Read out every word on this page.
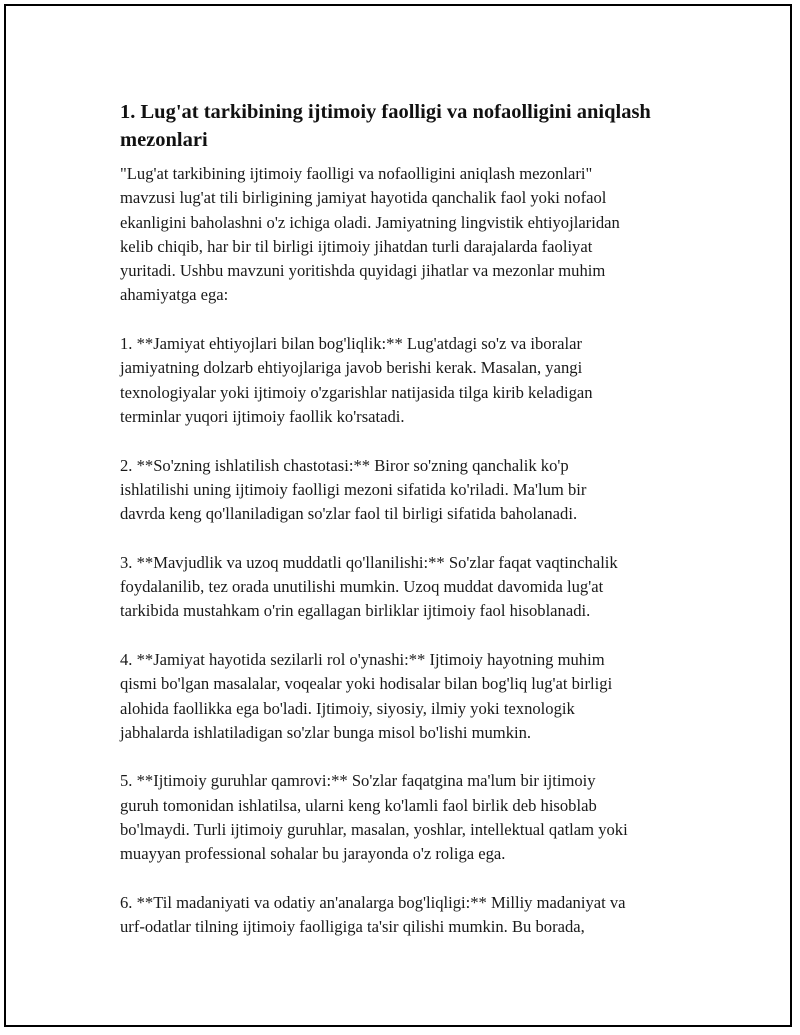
1. Lug'at tarkibining ijtimoiy faolligi va nofaolligini aniqlash mezonlari

"Lug'at tarkibining ijtimoiy faolligi va nofaolligini aniqlash mezonlari"
mavzusi lug'at tili birligining jamiyat hayotida qanchalik faol yoki nofaol
ekanligini baholashni o'z ichiga oladi. Jamiyatning lingvistik ehtiyojlaridan
kelib chiqib, har bir til birligi ijtimoiy jihatdan turli darajalarda faoliyat
yuritadi. Ushbu mavzuni yoritishda quyidagi jihatlar va mezonlar muhim
ahamiyatga ega:

1. **Jamiyat ehtiyojlari bilan bog'liqlik:** Lug'atdagi so'z va iboralar
jamiyatning dolzarb ehtiyojlariga javob berishi kerak. Masalan, yangi
texnologiyalar yoki ijtimoiy o'zgarishlar natijasida tilga kirib keladigan
terminlar yuqori ijtimoiy faollik ko'rsatadi.

2. **So'zning ishlatilish chastotasi:** Biror so'zning qanchalik ko'p
ishlatilishi uning ijtimoiy faolligi mezoni sifatida ko'riladi. Ma'lum bir
davrda keng qo'llaniladigan so'zlar faol til birligi sifatida baholanadi.

3. **Mavjudlik va uzoq muddatli qo'llanilishi:** So'zlar faqat vaqtinchalik
foydalanilib, tez orada unutilishi mumkin. Uzoq muddat davomida lug'at
tarkibida mustahkam o'rin egallagan birliklar ijtimoiy faol hisoblanadi.

4. **Jamiyat hayotida sezilarli rol o'ynashi:** Ijtimoiy hayotning muhim
qismi bo'lgan masalalar, voqealar yoki hodisalar bilan bog'liq lug'at birligi
alohida faollikka ega bo'ladi. Ijtimoiy, siyosiy, ilmiy yoki texnologik
jabhalarda ishlatiladigan so'zlar bunga misol bo'lishi mumkin.

5. **Ijtimoiy guruhlar qamrovi:** So'zlar faqatgina ma'lum bir ijtimoiy
guruh tomonidan ishlatilsa, ularni keng ko'lamli faol birlik deb hisoblab
bo'lmaydi. Turli ijtimoiy guruhlar, masalan, yoshlar, intellektual qatlam yoki
muayyan professional sohalar bu jarayonda o'z roliga ega.

6. **Til madaniyati va odatiy an'analarga bog'liqligi:** Milliy madaniyat va
urf-odatlar tilning ijtimoiy faolligiga ta'sir qilishi mumkin. Bu borada,
